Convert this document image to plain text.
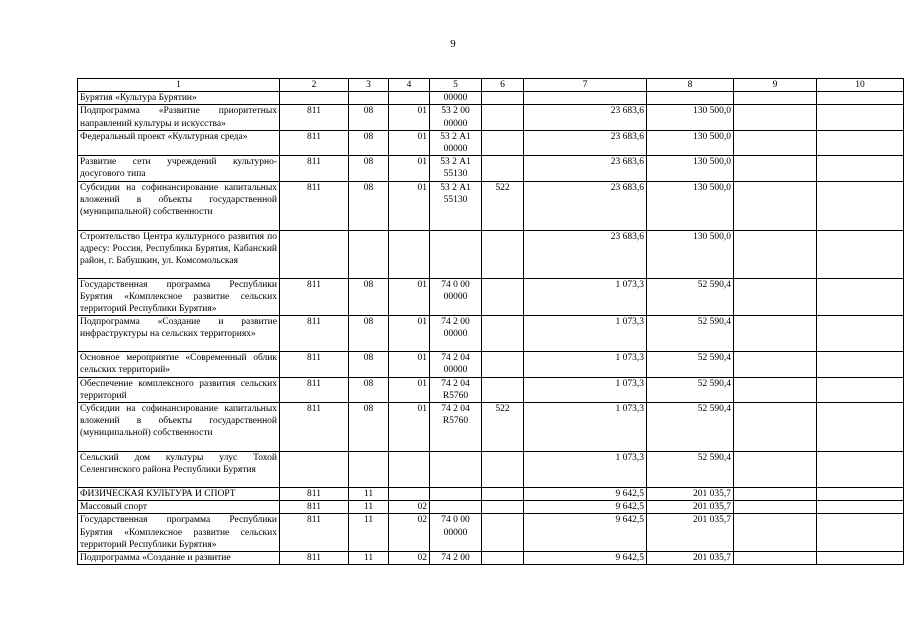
9
1	2	3	4	5	6	7	8	9	10
Бурятия «Культура Бурятии»				00000					
Подпрограмма «Развитие приоритетных направлений культуры и искусства»	811	08	01	53 2 00 00000		23 683,6	130 500,0		
Федеральный проект «Культурная среда»	811	08	01	53 2 А1 00000		23 683,6	130 500,0		
Развитие сети учреждений культурно-досугового типа	811	08	01	53 2 А1 55130		23 683,6	130 500,0		
Субсидии на софинансирование капитальных вложений в объекты государственной (муниципальной) собственности	811	08	01	53 2 А1 55130	522	23 683,6	130 500,0		
Строительство Центра культурного развития по адресу: Россия, Республика Бурятия, Кабанский район, г. Бабушкин, ул. Комсомольская						23 683,6	130 500,0		
Государственная программа Республики Бурятия «Комплексное развитие сельских территорий Республики Бурятия»	811	08	01	74 0 00 00000		1 073,3	52 590,4		
Подпрограмма «Создание и развитие инфраструктуры на сельских территориях»	811	08	01	74 2 00 00000		1 073,3	52 590,4		
Основное мероприятие «Современный облик сельских территорий»	811	08	01	74 2 04 00000		1 073,3	52 590,4		
Обеспечение комплексного развития сельских территорий	811	08	01	74 2 04 R5760		1 073,3	52 590,4		
Субсидии на софинансирование капитальных вложений в объекты государственной (муниципальной) собственности	811	08	01	74 2 04 R5760	522	1 073,3	52 590,4		
Сельский дом культуры улус Тохой Селенгинского района Республики Бурятия						1 073,3	52 590,4		
ФИЗИЧЕСКАЯ КУЛЬТУРА И СПОРТ	811	11				9 642,5	201 035,7		
Массовый спорт	811	11	02			9 642,5	201 035,7		
Государственная программа Республики Бурятия «Комплексное развитие сельских территорий Республики Бурятия»	811	11	02	74 0 00 00000		9 642,5	201 035,7		
Подпрограмма «Создание и развитие	811	11	02	74 2 00		9 642,5	201 035,7		
